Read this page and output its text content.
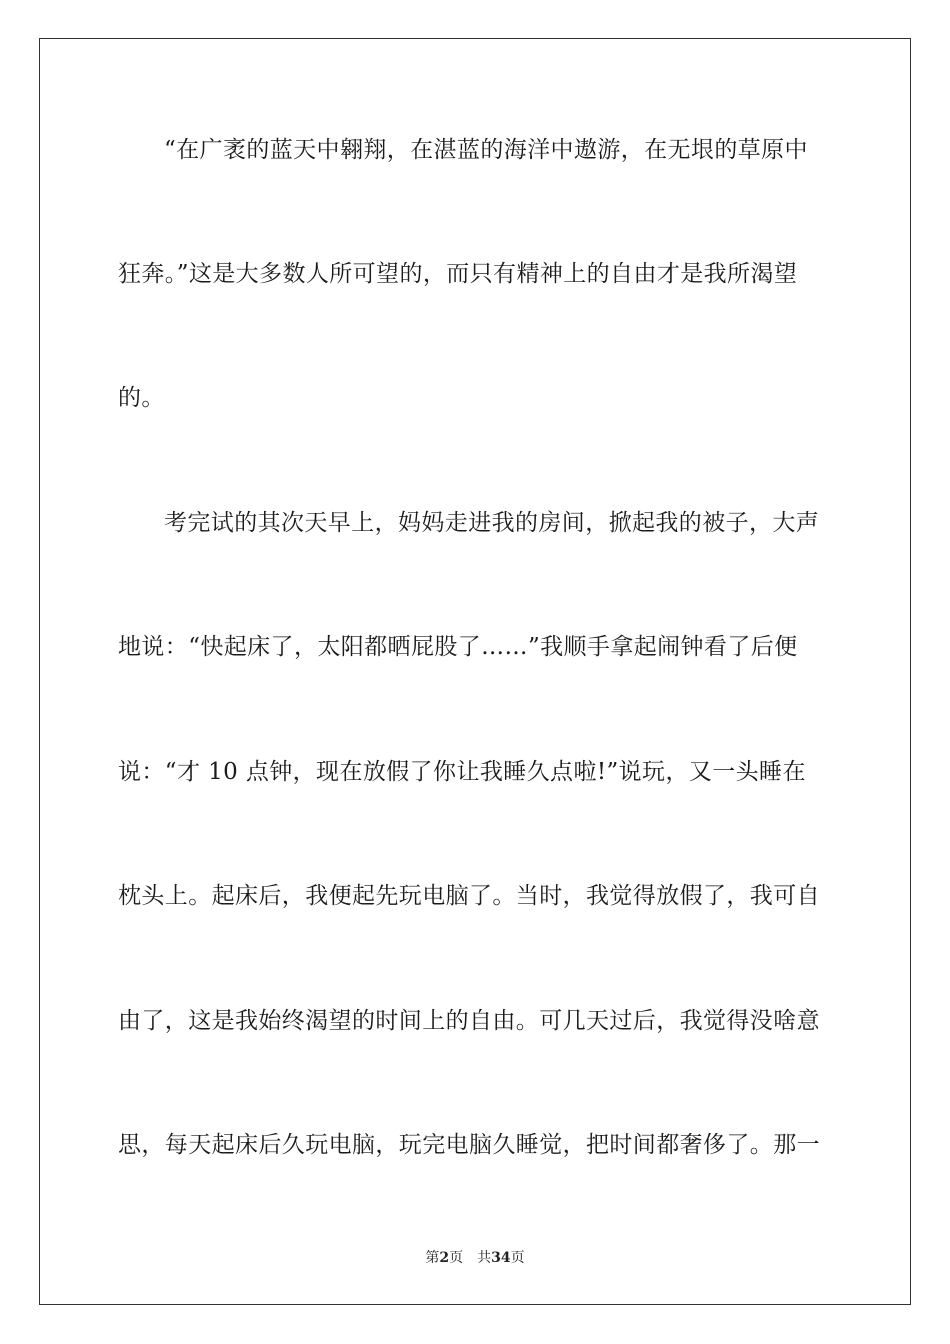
“在广袤的蓝天中翱翔，在湛蓝的海洋中遨游，在无垠的草原中
狂奔。”这是大多数人所可望的，而只有精神上的自由才是我所渴望
的。
考完试的其次天早上，妈妈走进我的房间，掀起我的被子，大声
地说：“快起床了，太阳都晒屁股了……”我顺手拿起闹钟看了后便
说：“才 10 点钟，现在放假了你让我睡久点啦!”说玩，又一头睡在
枕头上。起床后，我便起先玩电脑了。当时，我觉得放假了，我可自
由了，这是我始终渴望的时间上的自由。可几天过后，我觉得没啥意
思，每天起床后久玩电脑，玩完电脑久睡觉，把时间都奢侈了。那一
第2页 共34页
